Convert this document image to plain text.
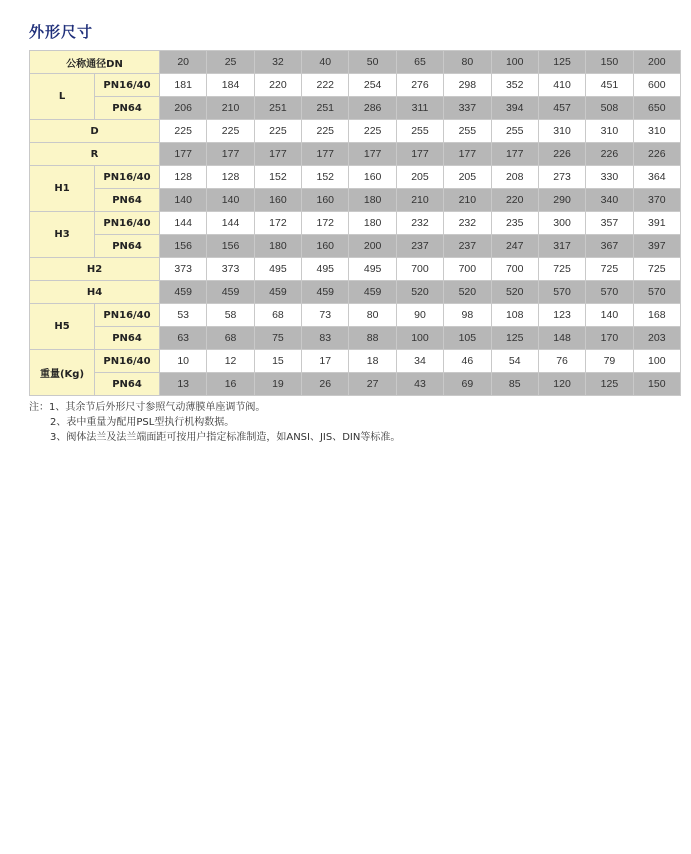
外形尺寸
公称通径DN		20	25	32	40	50	65	80	100	125	150	200
L	PN16/40	181	184	220	222	254	276	298	352	410	451	600
	PN64	206	210	251	251	286	311	337	394	457	508	650
D		225	225	225	225	225	255	255	255	310	310	310
R		177	177	177	177	177	177	177	177	226	226	226
H1	PN16/40	128	128	152	152	160	205	205	208	273	330	364
	PN64	140	140	160	160	180	210	210	220	290	340	370
H3	PN16/40	144	144	172	172	180	232	232	235	300	357	391
	PN64	156	156	180	160	200	237	237	247	317	367	397
H2		373	373	495	495	495	700	700	700	725	725	725
H4		459	459	459	459	459	520	520	520	570	570	570
H5	PN16/40	53	58	68	73	80	90	98	108	123	140	168
	PN64	63	68	75	83	88	100	105	125	148	170	203
重量(Kg)	PN16/40	10	12	15	17	18	34	46	54	76	79	100
	PN64	13	16	19	26	27	43	69	85	120	125	150
注：1、其余节后外形尺寸参照气动薄膜单座调节阀。
2、表中重量为配用PSL型执行机构数据。
3、阀体法兰及法兰端面距可按用户指定标准制造，如ANSI、JIS、DIN等标准。
